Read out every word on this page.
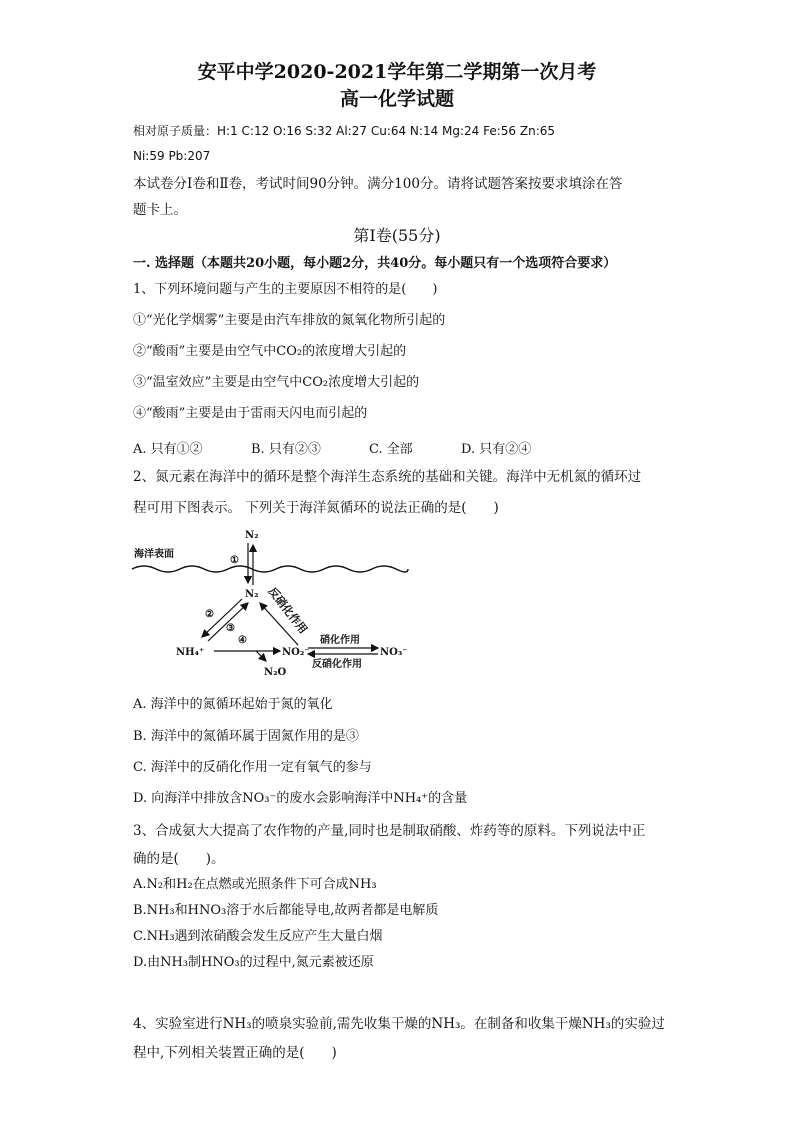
安平中学2020-2021学年第二学期第一次月考
高一化学试题
相对原子质量：H:1 C:12 O:16 S:32 Al:27 Cu:64 N:14 Mg:24 Fe:56 Zn:65
Ni:59 Pb:207
本试卷分Ⅰ卷和Ⅱ卷，考试时间90分钟。满分100分。请将试题答案按要求填涂在答
题卡上。
第Ⅰ卷(55分)
一. 选择题（本题共20小题，每小题2分，共40分。每小题只有一个选项符合要求）
1、下列环境问题与产生的主要原因不相符的是(　　)
①“光化学烟雾”主要是由汽车排放的氮氧化物所引起的
②“酸雨”主要是由空气中CO₂的浓度增大引起的
③“温室效应”主要是由空气中CO₂浓度增大引起的
④“酸雨”主要是由于雷雨天闪电而引起的
A. 只有①②	B. 只有②③	C. 全部	D. 只有②④
2、氮元素在海洋中的循环是整个海洋生态系统的基础和关键。海洋中无机氮的循环过
程可用下图表示。 下列关于海洋氮循环的说法正确的是(　　)
海洋表面
N₂
①
N₂
②
③	反硝化作用
NH₄⁺
④
N₂O
NO₂⁻
硝化作用
反硝化作用
NO₃⁻
A. 海洋中的氮循环起始于氮的氧化
B. 海洋中的氮循环属于固氮作用的是③
C. 海洋中的反硝化作用一定有氧气的参与
D. 向海洋中排放含NO₃⁻的废水会影响海洋中NH₄⁺的含量
3、合成氨大大提高了农作物的产量,同时也是制取硝酸、炸药等的原料。下列说法中正
确的是(　　)。
A.N₂和H₂在点燃或光照条件下可合成NH₃
B.NH₃和HNO₃溶于水后都能导电,故两者都是电解质
C.NH₃遇到浓硝酸会发生反应产生大量白烟
D.由NH₃制HNO₃的过程中,氮元素被还原
4、实验室进行NH₃的喷泉实验前,需先收集干燥的NH₃。在制备和收集干燥NH₃的实验过
程中,下列相关装置正确的是(　　)
